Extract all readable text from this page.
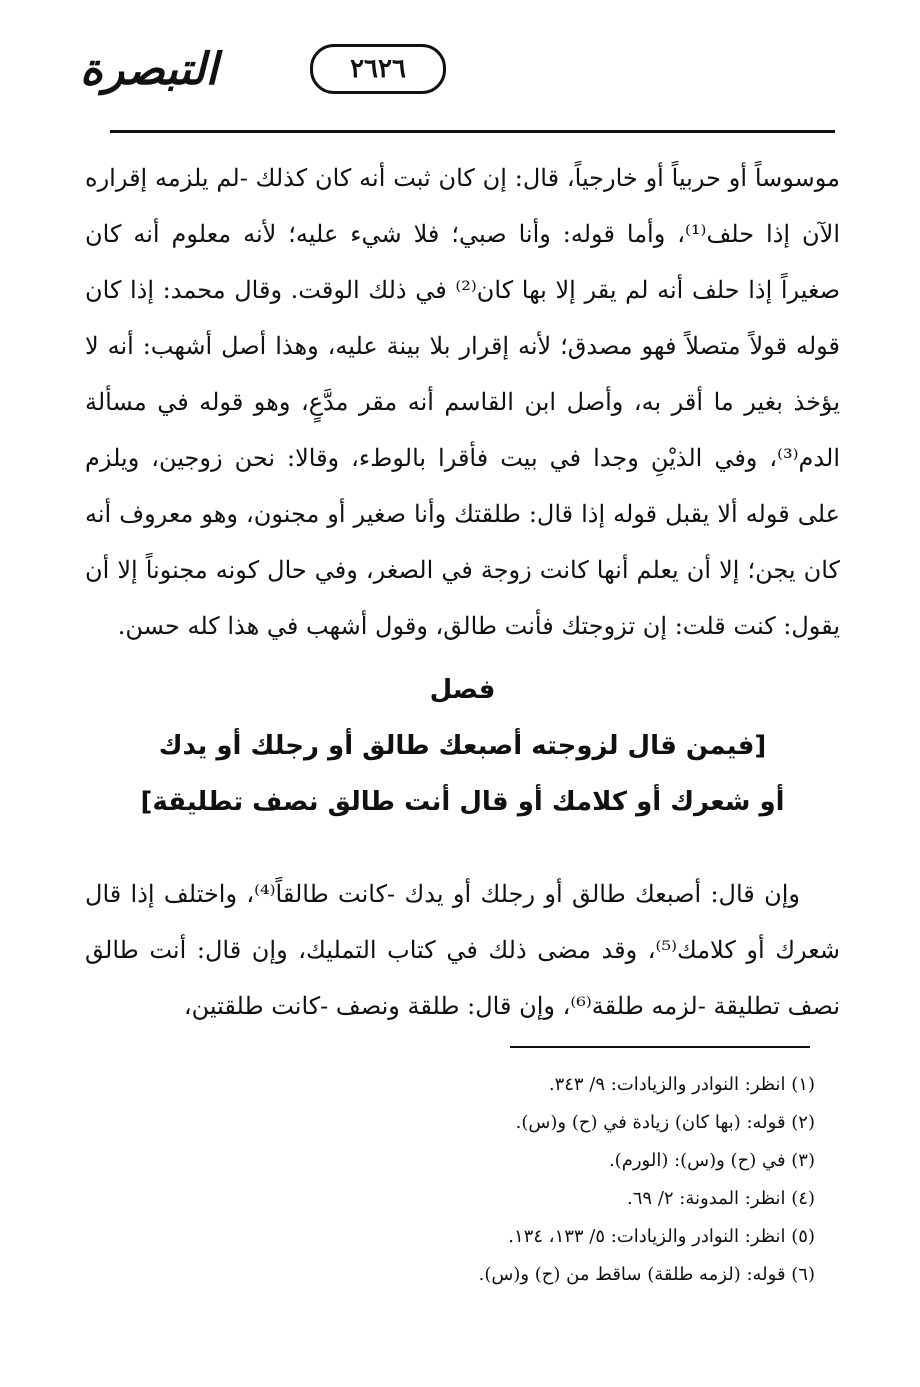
التبصرة	٢٦٢٦

موسوساً أو حربياً أو خارجياً، قال: إن كان ثبت أنه كان كذلك -لم يلزمه إقراره الآن إذا حلف⁽¹⁾، وأما قوله: وأنا صبي؛ فلا شيء عليه؛ لأنه معلوم أنه كان صغيراً إذا حلف أنه لم يقر إلا بها كان⁽²⁾ في ذلك الوقت. وقال محمد: إذا كان قوله قولاً متصلاً فهو مصدق؛ لأنه إقرار بلا بينة عليه، وهذا أصل أشهب: أنه لا يؤخذ بغير ما أقر به، وأصل ابن القاسم أنه مقر مدَّعٍ، وهو قوله في مسألة الدم⁽³⁾، وفي الذيْنِ وجدا في بيت فأقرا بالوطء، وقالا: نحن زوجين، ويلزم على قوله ألا يقبل قوله إذا قال: طلقتك وأنا صغير أو مجنون، وهو معروف أنه كان يجن؛ إلا أن يعلم أنها كانت زوجة في الصغر، وفي حال كونه مجنوناً إلا أن يقول: كنت قلت: إن تزوجتك فأنت طالق، وقول أشهب في هذا كله حسن.

فصل
[فيمن قال لزوجته أصبعك طالق أو رجلك أو يدك
أو شعرك أو كلامك أو قال أنت طالق نصف تطليقة]

وإن قال: أصبعك طالق أو رجلك أو يدك -كانت طالقاً⁽⁴⁾، واختلف إذا قال شعرك أو كلامك⁽⁵⁾، وقد مضى ذلك في كتاب التمليك، وإن قال: أنت طالق نصف تطليقة -لزمه طلقة⁽⁶⁾، وإن قال: طلقة ونصف -كانت طلقتين،

(١) انظر: النوادر والزيادات: ٩/ ٣٤٣.
(٢) قوله: (بها كان) زيادة في (ح) و(س).
(٣) في (ح) و(س): (الورم).
(٤) انظر: المدونة: ٢/ ٦٩.
(٥) انظر: النوادر والزيادات: ٥/ ١٣٣، ١٣٤.
(٦) قوله: (لزمه طلقة) ساقط من (ح) و(س).
